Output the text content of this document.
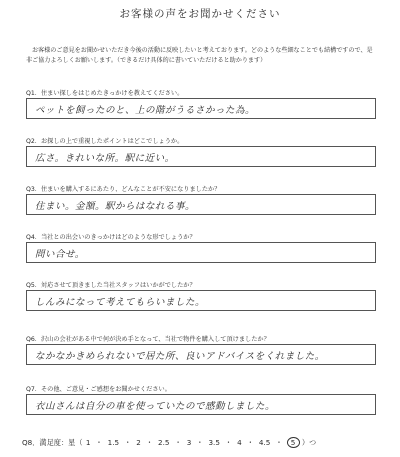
お客様の声をお聞かせください
お客様のご意見をお聞かせいただき今後の活動に反映したいと考えております。どのような些細なことでも結構ですので、是非ご協力よろしくお願いします。（できるだけ具体的に書いていただけると助かります）
Q1．住まい探しをはじめたきっかけを教えてください。
ペットを飼ったのと、上の階がうるさかった為。
Q2．お探しの上で重視したポイントはどこでしょうか。
広さ。きれいな所。駅に近い。
Q3．住まいを購入するにあたり、どんなことが不安になりましたか？
住まい。金額。駅からはなれる事。
Q4．当社との出会いのきっかけはどのような形でしょうか？
問い合せ。
Q5．対応させて頂きました当社スタッフはいかがでしたか？
しんみになって考えてもらいました。
Q6．沢山の会社がある中で何が決め手となって、当社で物件を購入して頂けましたか？
なかなかきめられないで居た所、良いアドバイスをくれました。
Q7．その他、ご意見・ご感想をお聞かせください。
衣山さんは自分の車を使っていたので感動しました。
Q8．満足度：星（ 1 ・ 1.5 ・ 2 ・ 2.5 ・ 3 ・ 3.5 ・ 4 ・ 4.5 ・ 5 ）つ
